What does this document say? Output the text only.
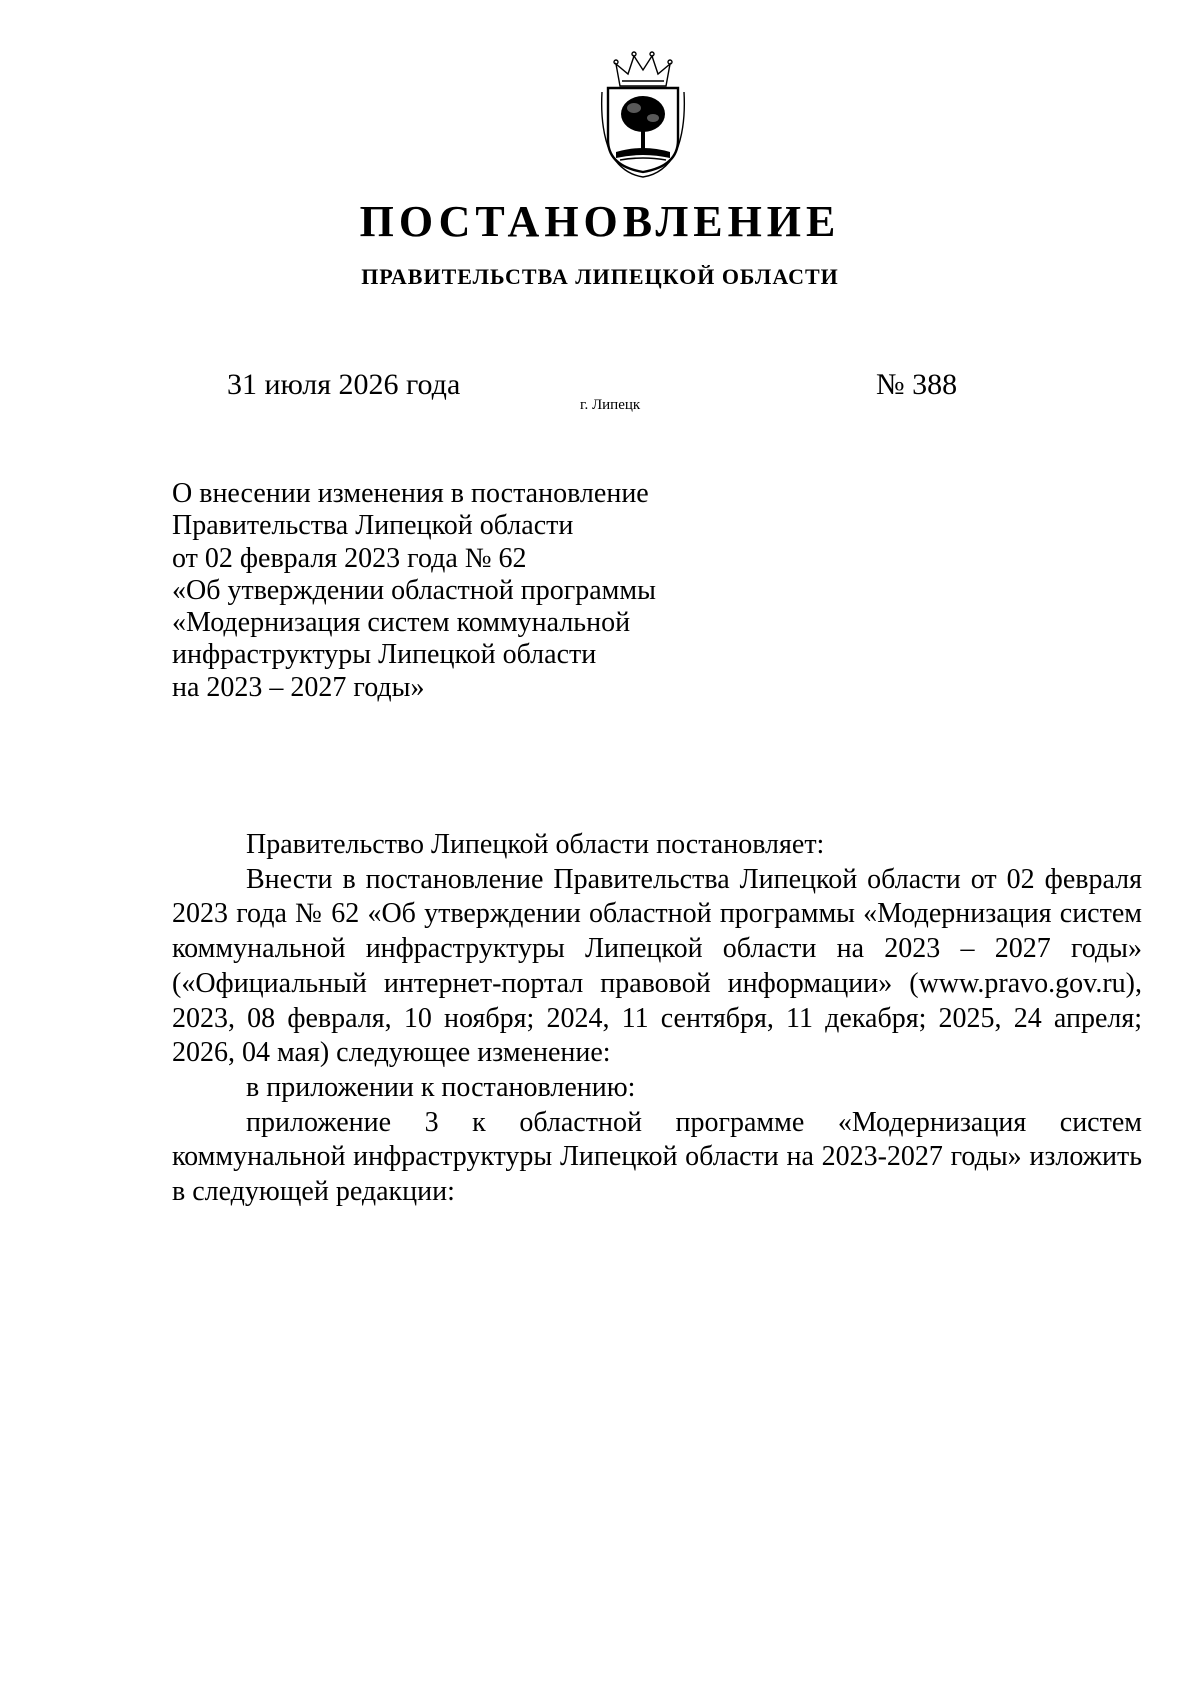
ПОСТАНОВЛЕНИЕ
ПРАВИТЕЛЬСТВА ЛИПЕЦКОЙ ОБЛАСТИ
31 июля 2026 года
г. Липецк
№ 388
О внесении изменения в постановление
Правительства Липецкой области
от 02 февраля 2023 года № 62
«Об утверждении областной программы
«Модернизация систем коммунальной
инфраструктуры Липецкой области
на 2023 – 2027 годы»

Правительство Липецкой области постановляет:

Внести в постановление Правительства Липецкой области от 02 февраля 2023 года № 62 «Об утверждении областной программы «Модернизация систем коммунальной инфраструктуры Липецкой области на 2023 – 2027 годы» («Официальный интернет-портал правовой информации» (www.pravo.gov.ru), 2023, 08 февраля, 10 ноября; 2024, 11 сентября, 11 декабря; 2025, 24 апреля; 2026, 04 мая) следующее изменение:

в приложении к постановлению:

приложение 3 к областной программе «Модернизация систем коммунальной инфраструктуры Липецкой области на 2023-2027 годы» изложить в следующей редакции:
